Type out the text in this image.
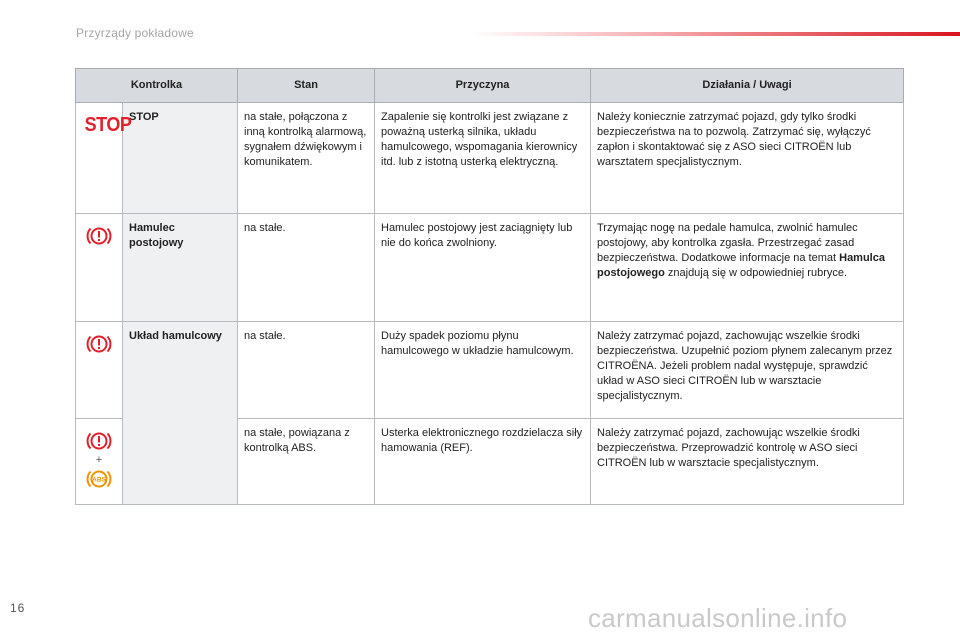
Przyrządy pokładowe
Kontrolka		Stan	Przyczyna	Działania / Uwagi
STOP	STOP	na stałe, połączona z inną kontrolką alarmową, sygnałem dźwiękowym i komunikatem.	Zapalenie się kontrolki jest związane z poważną usterką silnika, układu hamulcowego, wspomagania kierownicy itd. lub z istotną usterką elektryczną.	Należy koniecznie zatrzymać pojazd, gdy tylko środki bezpieczeństwa na to pozwolą. Zatrzymać się, wyłączyć zapłon i skontaktować się z ASO sieci CITROËN lub warsztatem specjalistycznym.

	Hamulec postojowy	na stałe.	Hamulec postojowy jest zaciągnięty lub nie do końca zwolniony.	Trzymając nogę na pedale hamulca, zwolnić hamulec postojowy, aby kontrolka zgasła. Przestrzegać zasad bezpieczeństwa. Dodatkowe informacje na temat Hamulca postojowego znajdują się w odpowiedniej rubryce.

	Układ hamulcowy	na stałe.	Duży spadek poziomu płynu hamulcowego w układzie hamulcowym.	Należy zatrzymać pojazd, zachowując wszelkie środki bezpieczeństwa. Uzupełnić poziom płynem zalecanym przez CITROËNA. Jeżeli problem nadal występuje, sprawdzić układ w ASO sieci CITROËN lub w warsztacie specjalistycznym.

+
ABS		na stałe, powiązana z kontrolką ABS.	Usterka elektronicznego rozdzielacza siły hamowania (REF).	Należy zatrzymać pojazd, zachowując wszelkie środki bezpieczeństwa. Przeprowadzić kontrolę w ASO sieci CITROËN lub w warsztacie specjalistycznym.
16	carmanualsonline.info
